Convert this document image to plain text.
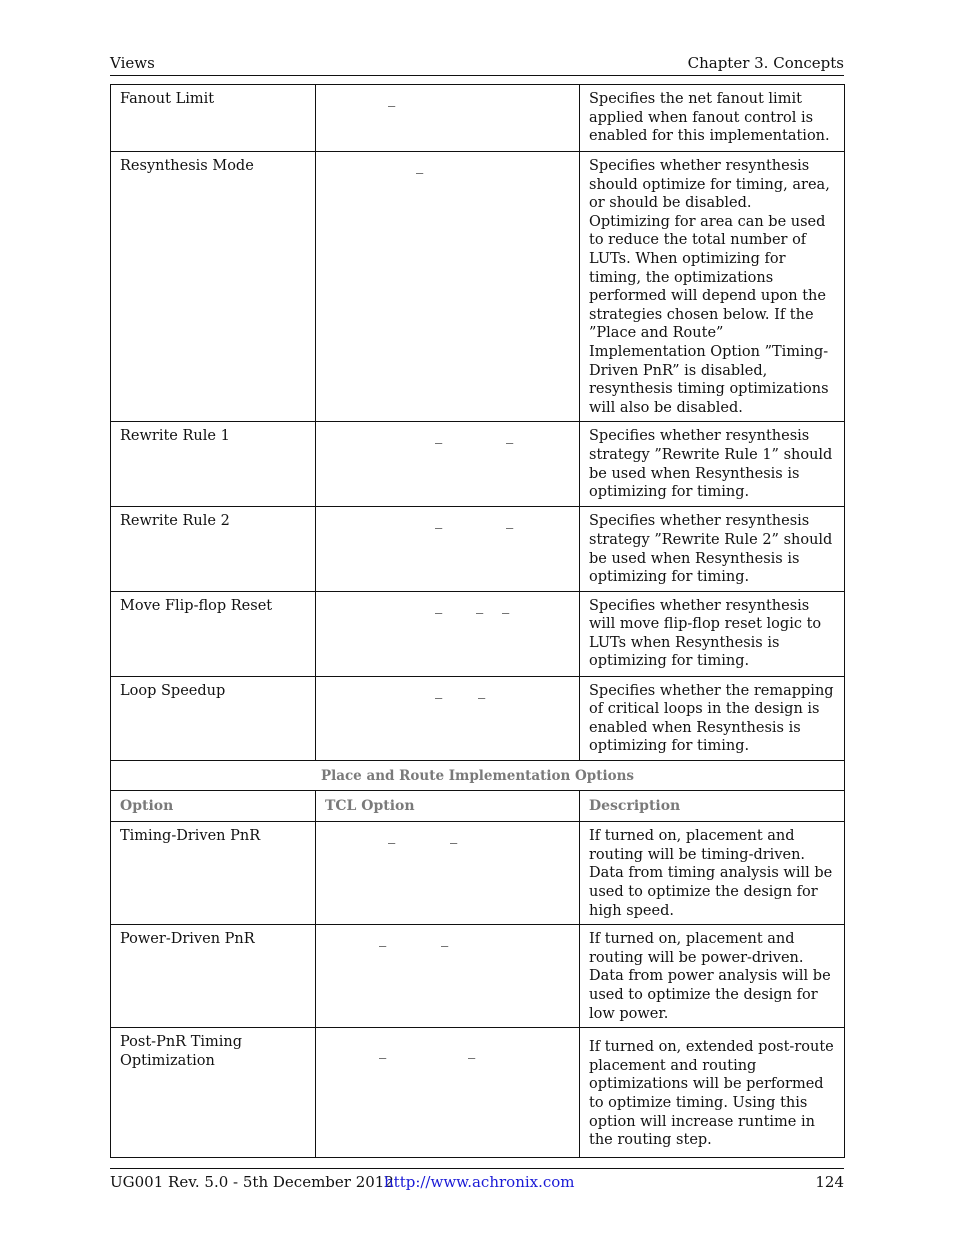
Views	Chapter 3. Concepts
Fanout Limit	_	Specifies the net fanout limit applied when fanout control is enabled for this implementation.
Resynthesis Mode	_	Specifies whether resynthesis should optimize for timing, area, or should be disabled. Optimizing for area can be used to reduce the total number of LUTs. When optimizing for timing, the optimizations performed will depend upon the strategies chosen below. If the ”Place and Route” Implementation Option ”Timing-Driven PnR” is disabled, resynthesis timing optimizations will also be disabled.
Rewrite Rule 1	_ _	Specifies whether resynthesis strategy ”Rewrite Rule 1” should be used when Resynthesis is optimizing for timing.
Rewrite Rule 2	_ _	Specifies whether resynthesis strategy ”Rewrite Rule 2” should be used when Resynthesis is optimizing for timing.
Move Flip-flop Reset	_ _ _	Specifies whether resynthesis will move flip-flop reset logic to LUTs when Resynthesis is optimizing for timing.
Loop Speedup	_ _	Specifies whether the remapping of critical loops in the design is enabled when Resynthesis is optimizing for timing.
Place and Route Implementation Options		
Option	TCL Option	Description
Timing-Driven PnR	_ _	If turned on, placement and routing will be timing-driven. Data from timing analysis will be used to optimize the design for high speed.
Power-Driven PnR	_ _	If turned on, placement and routing will be power-driven. Data from power analysis will be used to optimize the design for low power.
Post-PnR Timing Optimization	_ _	If turned on, extended post-route placement and routing optimizations will be performed to optimize timing. Using this option will increase runtime in the routing step.
UG001 Rev. 5.0 - 5th December 2012
http://www.achronix.com	124
